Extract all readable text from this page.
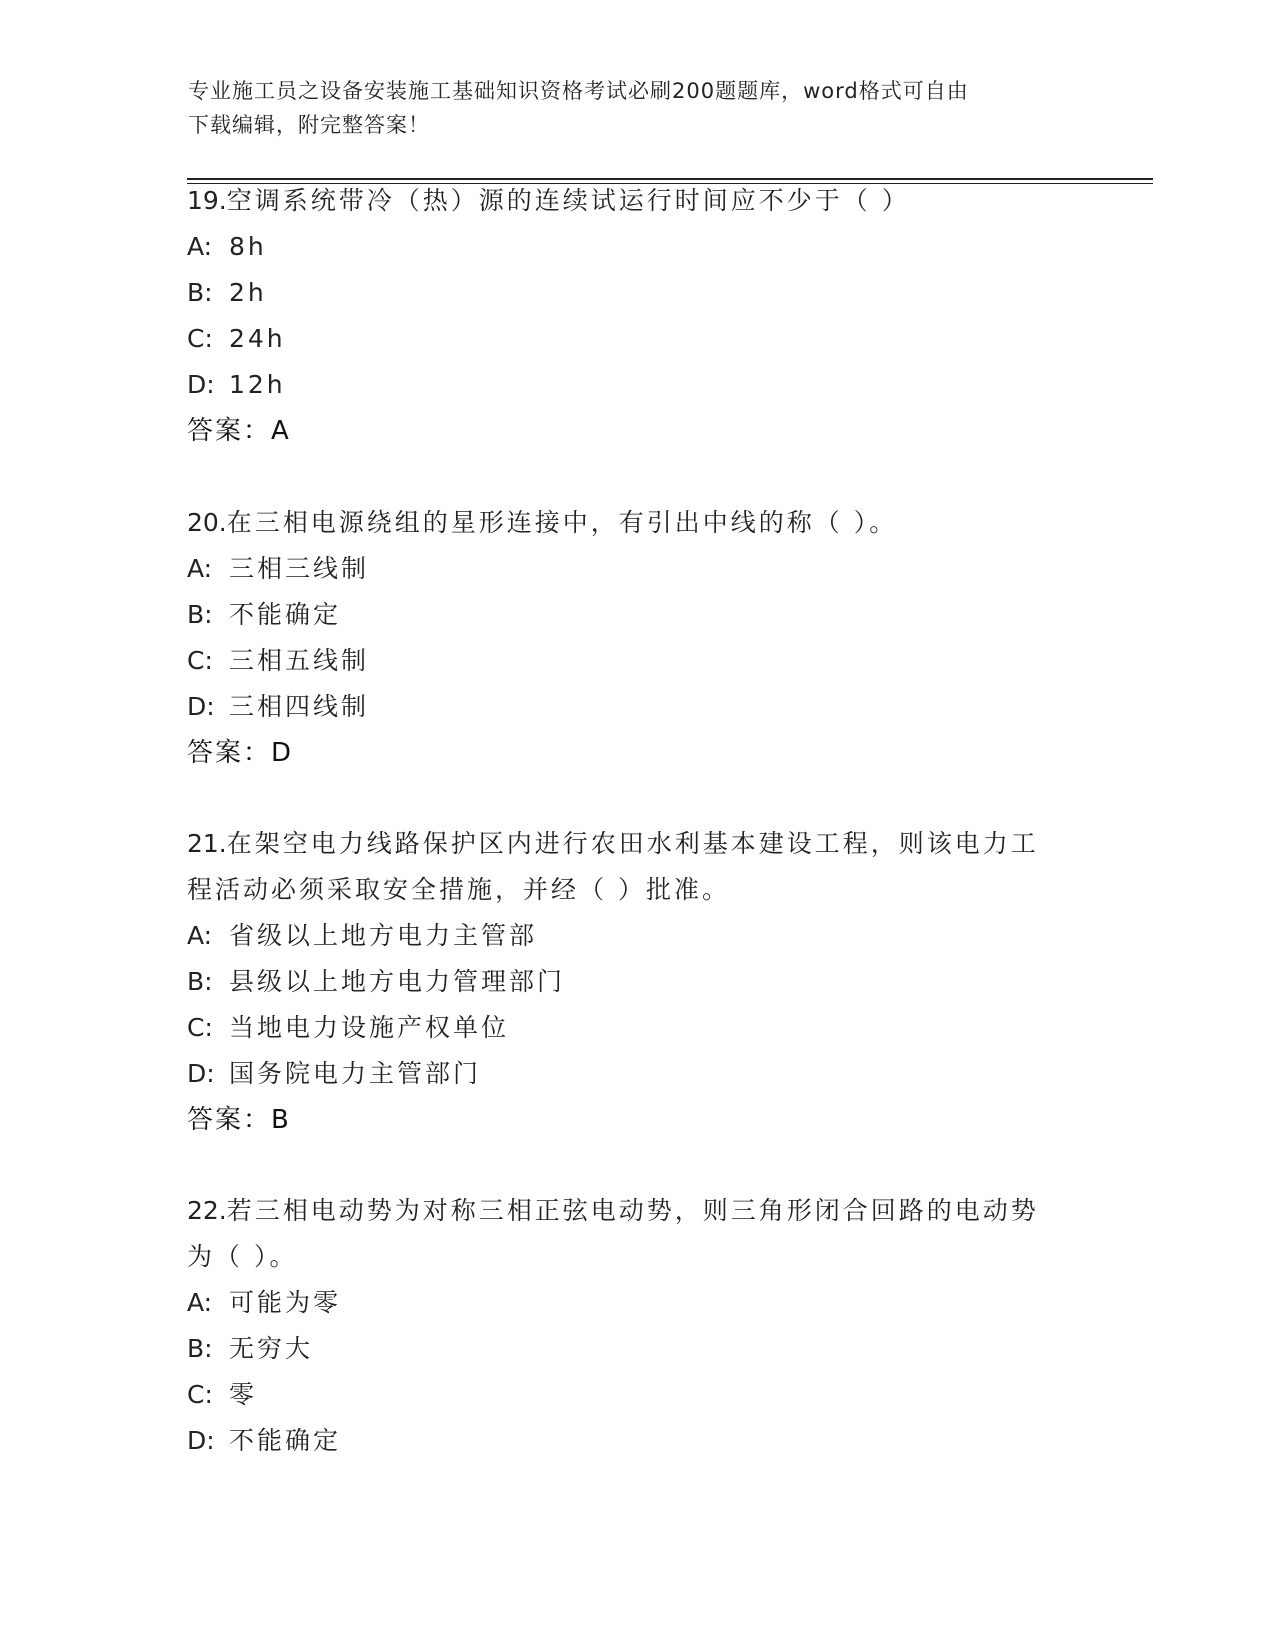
专业施工员之设备安装施工基础知识资格考试必刷200题题库，word格式可自由
下载编辑，附完整答案！
19.空调系统带冷（热）源的连续试运行时间应不少于（ ）
A: 8h
B: 2h
C: 24h
D: 12h
答案：A
20.在三相电源绕组的星形连接中，有引出中线的称（ ）。
A: 三相三线制
B: 不能确定
C: 三相五线制
D: 三相四线制
答案：D
21.在架空电力线路保护区内进行农田水利基本建设工程，则该电力工
程活动必须采取安全措施，并经（ ）批准。
A: 省级以上地方电力主管部
B: 县级以上地方电力管理部门
C: 当地电力设施产权单位
D: 国务院电力主管部门
答案：B
22.若三相电动势为对称三相正弦电动势，则三角形闭合回路的电动势
为（ ）。
A: 可能为零
B: 无穷大
C: 零
D: 不能确定
